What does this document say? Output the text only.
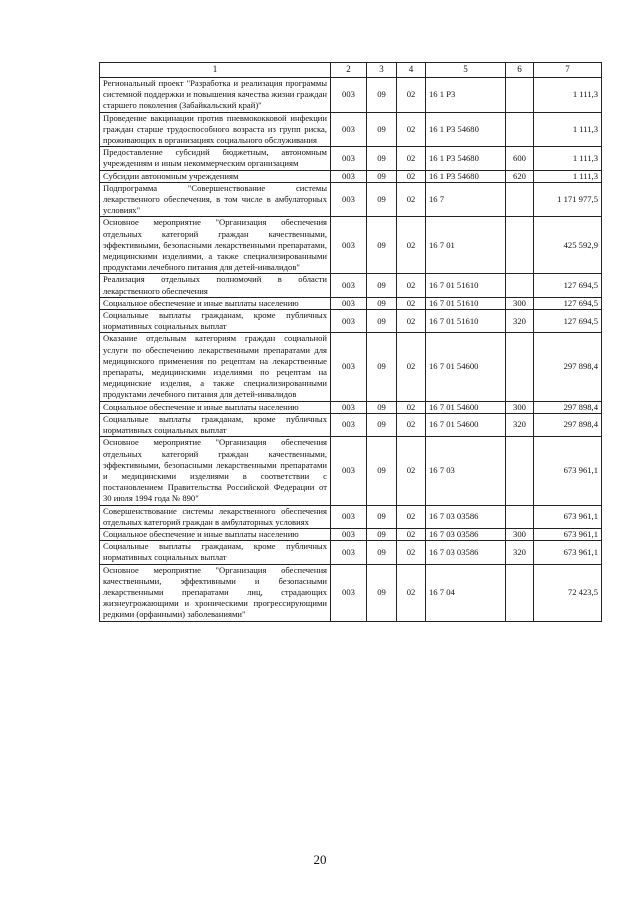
1	2	3	4	5	6	7
Региональный проект "Разработка и реализация программы системной поддержки и повышения качества жизни граждан старшего поколения (Забайкальский край)"	003	09	02	16 1 Р3		1 111,3
Проведение вакцинации против пневмококковой инфекции граждан старше трудоспособного возраста из групп риска, проживающих в организациях социального обслуживания	003	09	02	16 1 Р3 54680		1 111,3
Предоставление субсидий бюджетным, автономным учреждениям и иным некоммерческим организациям	003	09	02	16 1 Р3 54680	600	1 111,3
Субсидии автономным учреждениям	003	09	02	16 1 Р3 54680	620	1 111,3
Подпрограмма "Совершенствование системы лекарственного обеспечения, в том числе в амбулаторных условиях"	003	09	02	16 7		1 171 977,5
Основное мероприятие "Организация обеспечения отдельных категорий граждан качественными, эффективными, безопасными лекарственными препаратами, медицинскими изделиями, а также специализированными продуктами лечебного питания для детей-инвалидов"	003	09	02	16 7 01		425 592,9
Реализация отдельных полномочий в области лекарственного обеспечения	003	09	02	16 7 01 51610		127 694,5
Социальное обеспечение и иные выплаты населению	003	09	02	16 7 01 51610	300	127 694,5
Социальные выплаты гражданам, кроме публичных нормативных социальных выплат	003	09	02	16 7 01 51610	320	127 694,5
Оказание отдельным категориям граждан социальной услуги по обеспечению лекарственными препаратами для медицинского применения по рецептам на лекарственные препараты, медицинскими изделиями по рецептам на медицинские изделия, а также специализированными продуктами лечебного питания для детей-инвалидов	003	09	02	16 7 01 54600		297 898,4
Социальное обеспечение и иные выплаты населению	003	09	02	16 7 01 54600	300	297 898,4
Социальные выплаты гражданам, кроме публичных нормативных социальных выплат	003	09	02	16 7 01 54600	320	297 898,4
Основное мероприятие "Организация обеспечения отдельных категорий граждан качественными, эффективными, безопасными лекарственными препаратами и медицинскими изделиями в соответствии с постановлением Правительства Российской Федерации от 30 июля 1994 года № 890"	003	09	02	16 7 03		673 961,1
Совершенствование системы лекарственного обеспечения отдельных категорий граждан в амбулаторных условиях	003	09	02	16 7 03 03586		673 961,1
Социальное обеспечение и иные выплаты населению	003	09	02	16 7 03 03586	300	673 961,1
Социальные выплаты гражданам, кроме публичных нормативных социальных выплат	003	09	02	16 7 03 03586	320	673 961,1
Основное мероприятие "Организация обеспечения качественными, эффективными и безопасными лекарственными препаратами лиц, страдающих жизнеугрожающими и хроническими прогрессирующими редкими (орфанными) заболеваниями"	003	09	02	16 7 04		72 423,5
20
